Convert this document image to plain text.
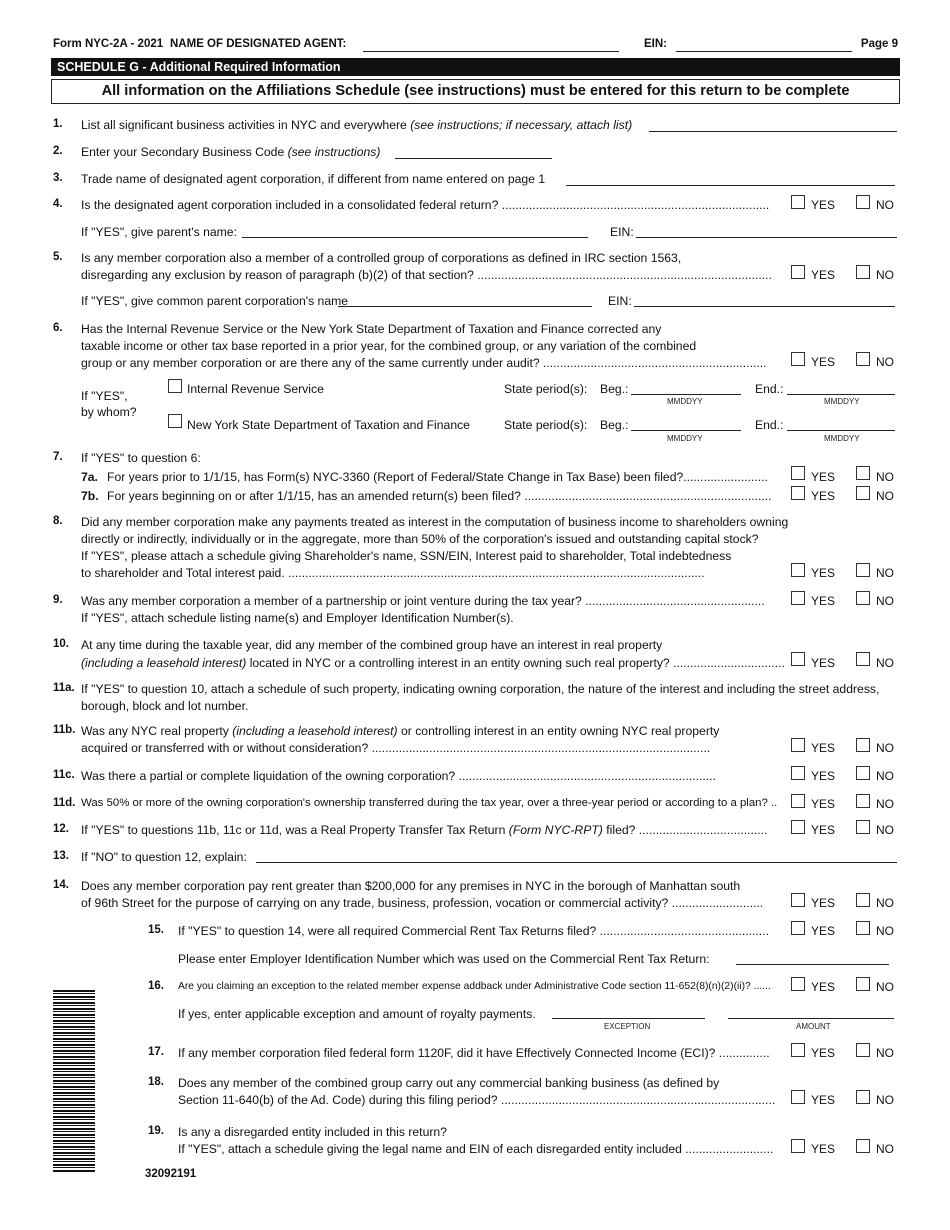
Form NYC-2A - 2021 NAME OF DESIGNATED AGENT:	EIN:	Page 9
SCHEDULE G - Additional Required Information
All information on the Affiliations Schedule (see instructions) must be entered for this return to be complete
1. List all significant business activities in NYC and everywhere (see instructions; if necessary, attach list)
2. Enter your Secondary Business Code (see instructions)
3. Trade name of designated agent corporation, if different from name entered on page 1
4. Is the designated agent corporation included in a consolidated federal return? ...............................................................................	YES	NO
If "YES", give parent's name:	EIN:
5. Is any member corporation also a member of a controlled group of corporations as defined in IRC section 1563,
disregarding any exclusion by reason of paragraph (b)(2) of that section? .......................................................................................	YES	NO
If "YES", give common parent corporation's name	EIN:
6. Has the Internal Revenue Service or the New York State Department of Taxation and Finance corrected any
taxable income or other tax base reported in a prior year, for the combined group, or any variation of the combined
group or any member corporation or are there any of the same currently under audit? ..................................................................	YES	NO
If "YES",
by whom?
Internal Revenue Service	State period(s): Beg.:
MMDDYY
End.:
MMDDYY
New York State Department of Taxation and Finance	State period(s): Beg.:
MMDDYY
End.:
MMDDYY
7. If "YES" to question 6:
7a. For years prior to 1/1/15, has Form(s) NYC-3360 (Report of Federal/State Change in Tax Base) been filed?.........................	YES	NO
7b. For years beginning on or after 1/1/15, has an amended return(s) been filed? .........................................................................	YES	NO
8. Did any member corporation make any payments treated as interest in the computation of business income to shareholders owning
directly or indirectly, individually or in the aggregate, more than 50% of the corporation's issued and outstanding capital stock?
If "YES", please attach a schedule giving Shareholder's name, SSN/EIN, Interest paid to shareholder, Total indebtedness
to shareholder and Total interest paid. ...........................................................................................................................	YES	NO
9. Was any member corporation a member of a partnership or joint venture during the tax year? .....................................................
If "YES", attach schedule listing name(s) and Employer Identification Number(s).
YES	NO
10. At any time during the taxable year, did any member of the combined group have an interest in real property
(including a leasehold interest) located in NYC or a controlling interest in an entity owning such real property? ................................. YES	NO
11a. If "YES" to question 10, attach a schedule of such property, indicating owning corporation, the nature of the interest and including the street address,
borough, block and lot number.
11b. Was any NYC real property (including a leasehold interest) or controlling interest in an entity owning NYC real property
acquired or transferred with or without consideration? ....................................................................................................	YES	NO
11c. Was there a partial or complete liquidation of the owning corporation? ............................................................................	YES	NO
11d. Was 50% or more of the owning corporation's ownership transferred during the tax year, over a three-year period or according to a plan? ..	YES	NO
12. If "YES" to questions 11b, 11c or 11d, was a Real Property Transfer Tax Return (Form NYC-RPT) filed? ......................................	YES	NO
13. If "NO" to question 12, explain:
14. Does any member corporation pay rent greater than $200,000 for any premises in NYC in the borough of Manhattan south
of 96th Street for the purpose of carrying on any trade, business, profession, vocation or commercial activity? ...........................	YES	NO
15. If "YES" to question 14, were all required Commercial Rent Tax Returns filed? ..................................................	YES	NO
Please enter Employer Identification Number which was used on the Commercial Rent Tax Return:
16. Are you claiming an exception to the related member expense addback under Administrative Code section 11-652(8)(n)(2)(ii)? ......	YES	NO
If yes, enter applicable exception and amount of royalty payments.
EXCEPTION	AMOUNT
17. If any member corporation filed federal form 1120F, did it have Effectively Connected Income (ECI)? ...............	YES	NO
18. Does any member of the combined group carry out any commercial banking business (as defined by
Section 11-640(b) of the Ad. Code) during this filing period? .................................................................................	YES	NO
19. Is any a disregarded entity included in this return?
If "YES", attach a schedule giving the legal name and EIN of each disregarded entity included ..........................	YES	NO
32092191
